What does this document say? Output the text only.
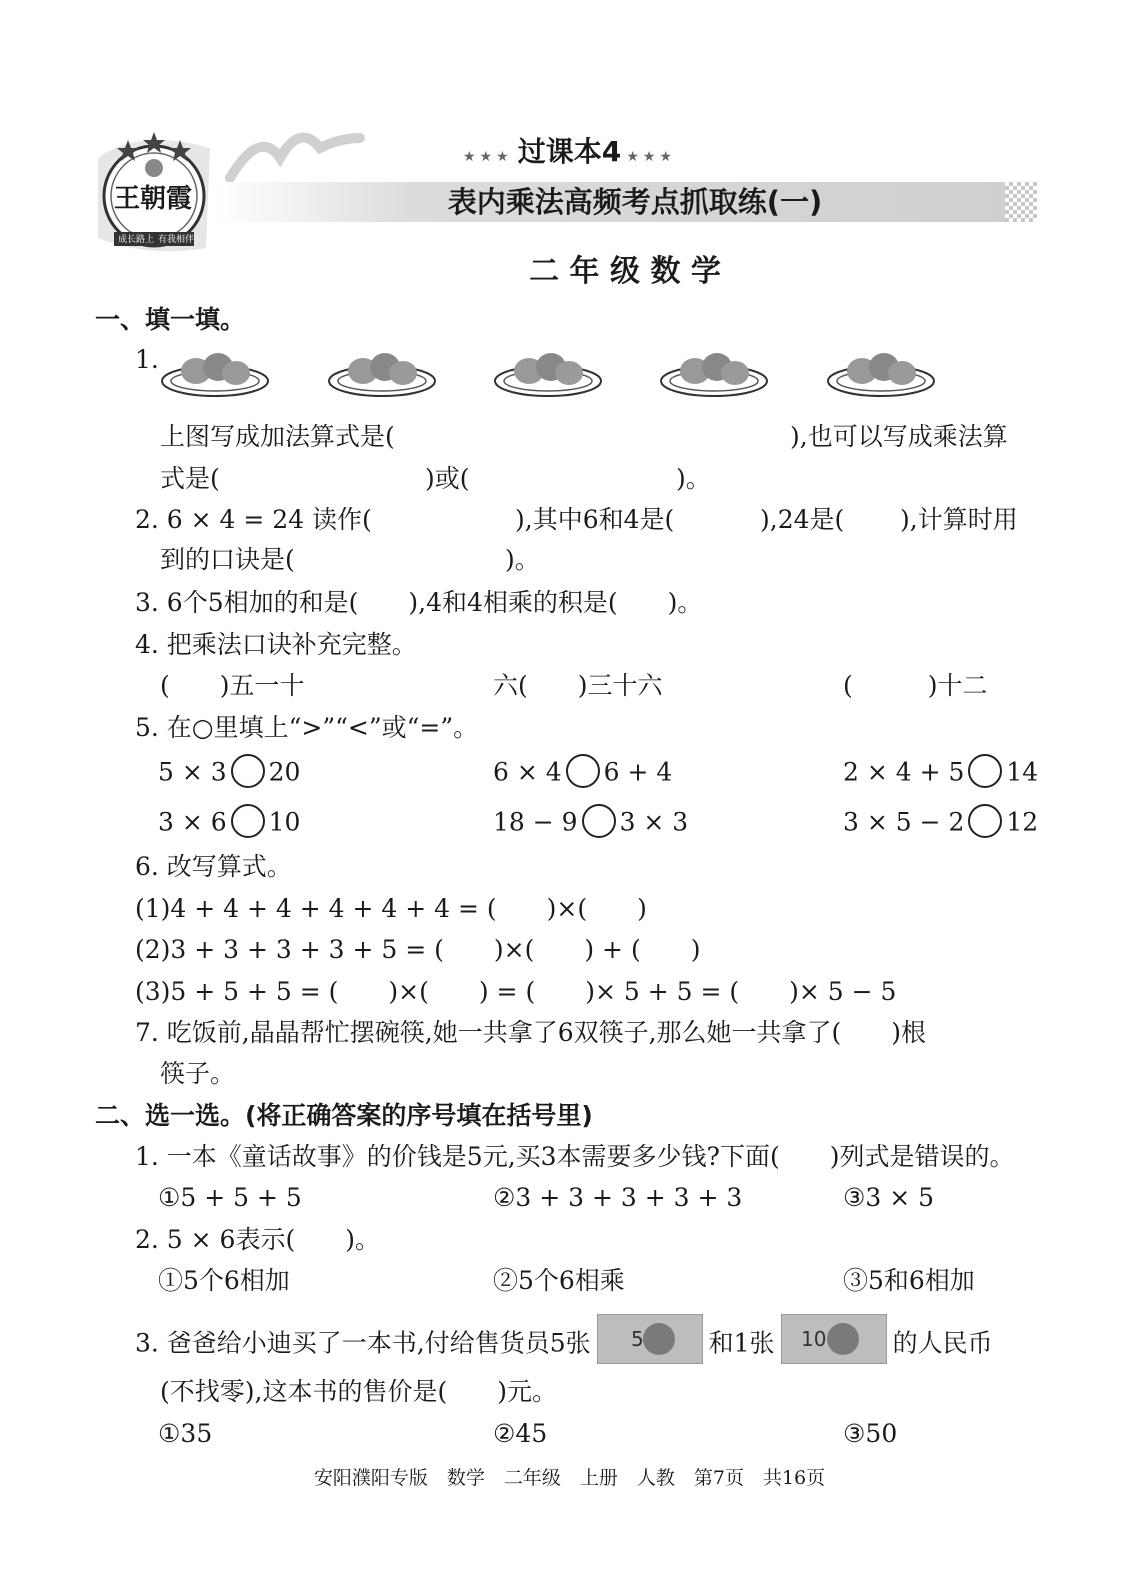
王朝霞
成长路上 有我相伴
★★★ 过课本4 ★★★
表内乘法高频考点抓取练(一)
二 年 级 数 学
一、填一填。
1.
上图写成加法算式是(	),也可以写成乘法算
式是(	)或(	)。
2. 6 × 4 = 24 读作(	),其中6和4是(	),24是( ),计算时用
到的口诀是(	)。
3. 6个5相加的和是(　　),4和4相乘的积是(　　)。
4. 把乘法口诀补充完整。
(　　)五一十	六(　　)三十六	(　　　)十二
5. 在○里填上“>”“<”或“=”。
5 × 3 20	6 × 4 6 + 4	2 × 4 + 5 14
3 × 6 10	18 − 9 3 × 3	3 × 5 − 2 12
6. 改写算式。
(1)4 + 4 + 4 + 4 + 4 + 4 = (　　)×(　　)
(2)3 + 3 + 3 + 3 + 5 = (　　)×(　　) + (　　)
(3)5 + 5 + 5 = (　　)×(　　) = (　　)× 5 + 5 = (　　)× 5 − 5
7. 吃饭前,晶晶帮忙摆碗筷,她一共拿了6双筷子,那么她一共拿了(　　)根
筷子。
二、选一选。(将正确答案的序号填在括号里)
1. 一本《童话故事》的价钱是5元,买3本需要多少钱?下面(　　)列式是错误的。
①5 + 5 + 5	②3 + 3 + 3 + 3 + 3	③3 × 5
2. 5 × 6表示(　　)。
①5个6相加	②5个6相乘	③5和6相加
3. 爸爸给小迪买了一本书,付给售货员5张 5	和1张 10	的人民币
(不找零),这本书的售价是(　　)元。
①35	②45	③50
安阳濮阳专版　数学　二年级　上册　人教　第7页　共16页
